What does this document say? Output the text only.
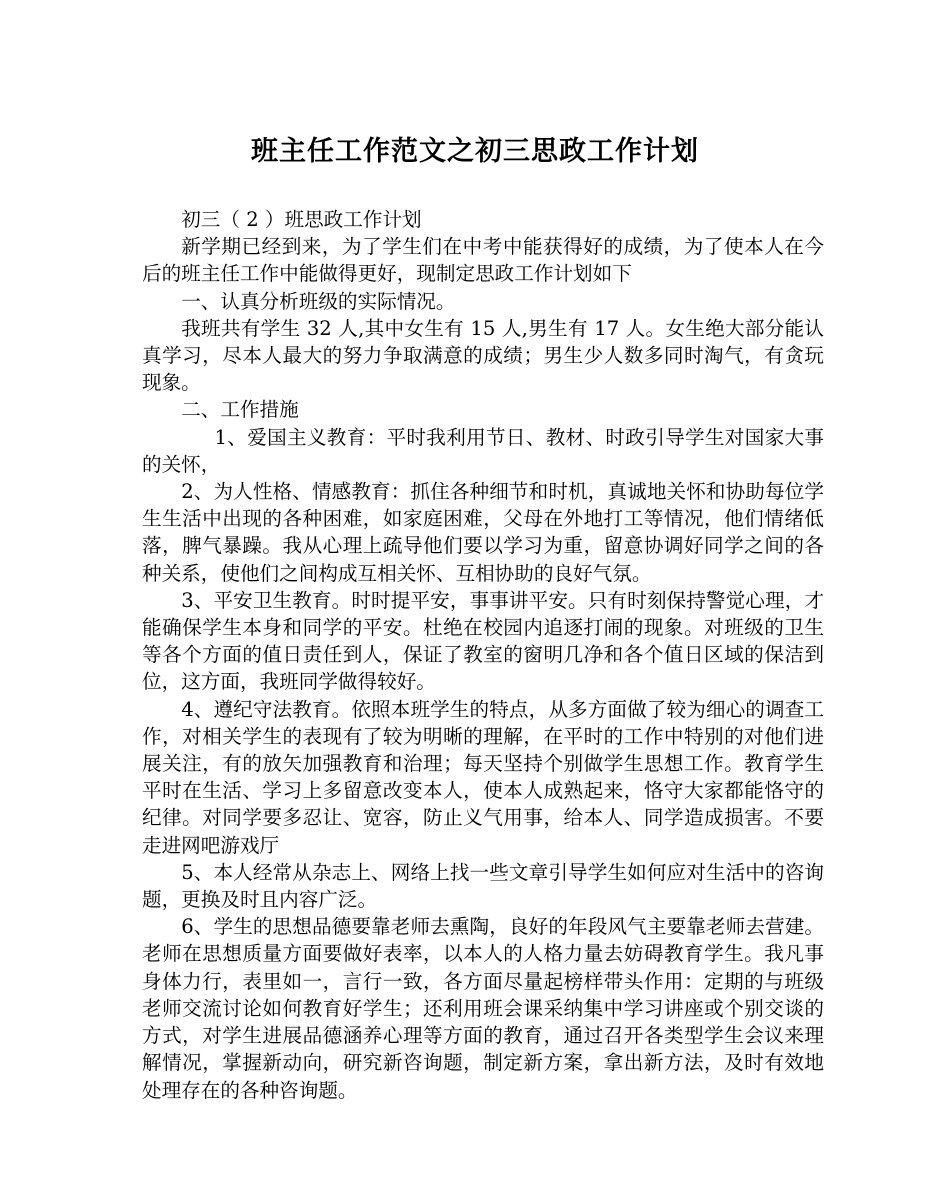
班主任工作范文之初三思政工作计划

初三（ 2 ）班思政工作计划

新学期已经到来，为了学生们在中考中能获得好的成绩，为了使本人在今后的班主任工作中能做得更好，现制定思政工作计划如下

一、认真分析班级的实际情况。

我班共有学生 32 人,其中女生有 15 人,男生有 17 人。女生绝大部分能认真学习，尽本人最大的努力争取满意的成绩；男生少人数多同时淘气，有贪玩现象。

二、工作措施

1、爱国主义教育：平时我利用节日、教材、时政引导学生对国家大事的关怀，

2、为人性格、情感教育：抓住各种细节和时机，真诚地关怀和协助每位学生生活中出现的各种困难，如家庭困难，父母在外地打工等情况，他们情绪低落，脾气暴躁。我从心理上疏导他们要以学习为重，留意协调好同学之间的各种关系，使他们之间构成互相关怀、互相协助的良好气氛。

3、平安卫生教育。时时提平安，事事讲平安。只有时刻保持警觉心理，才能确保学生本身和同学的平安。杜绝在校园内追逐打闹的现象。对班级的卫生等各个方面的值日责任到人，保证了教室的窗明几净和各个值日区域的保洁到位，这方面，我班同学做得较好。

4、遵纪守法教育。依照本班学生的特点，从多方面做了较为细心的调查工作，对相关学生的表现有了较为明晰的理解，在平时的工作中特别的对他们进展关注，有的放矢加强教育和治理；每天坚持个别做学生思想工作。教育学生平时在生活、学习上多留意改变本人，使本人成熟起来，恪守大家都能恪守的纪律。对同学要多忍让、宽容，防止义气用事，给本人、同学造成损害。不要走进网吧游戏厅

5、本人经常从杂志上、网络上找一些文章引导学生如何应对生活中的咨询题，更换及时且内容广泛。

6、学生的思想品德要靠老师去熏陶，良好的年段风气主要靠老师去营建。老师在思想质量方面要做好表率，以本人的人格力量去妨碍教育学生。我凡事身体力行，表里如一，言行一致，各方面尽量起榜样带头作用：定期的与班级老师交流讨论如何教育好学生；还利用班会课采纳集中学习讲座或个别交谈的方式，对学生进展品德涵养心理等方面的教育，通过召开各类型学生会议来理解情况，掌握新动向，研究新咨询题，制定新方案，拿出新方法，及时有效地处理存在的各种咨询题。
